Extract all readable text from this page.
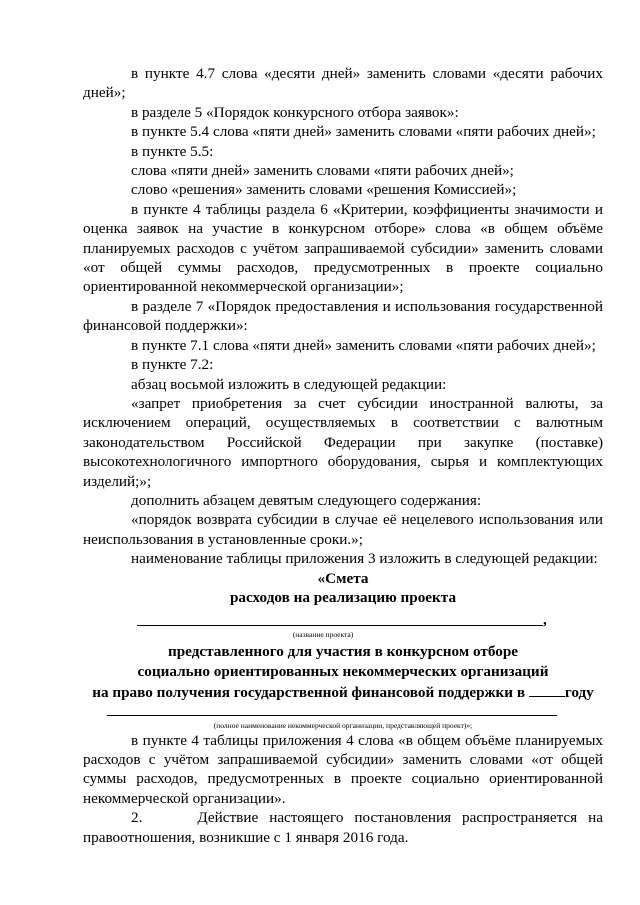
в пункте 4.7 слова «десяти дней» заменить словами «десяти рабочих дней»;

в разделе 5 «Порядок конкурсного отбора заявок»:

в пункте 5.4 слова «пяти дней» заменить словами «пяти рабочих дней»;

в пункте 5.5:

слова «пяти дней» заменить словами «пяти рабочих дней»;

слово «решения» заменить словами «решения Комиссией»;

в пункте 4 таблицы раздела 6 «Критерии, коэффициенты значимости и оценка заявок на участие в конкурсном отборе» слова «в общем объёме планируемых расходов с учётом запрашиваемой субсидии» заменить словами «от общей суммы расходов, предусмотренных в проекте социально ориентированной некоммерческой организации»;

в разделе 7 «Порядок предоставления и использования государственной финансовой поддержки»:

в пункте 7.1 слова «пяти дней» заменить словами «пяти рабочих дней»;

в пункте 7.2:

абзац восьмой изложить в следующей редакции:

«запрет приобретения за счет субсидии иностранной валюты, за исключением операций, осуществляемых в соответствии с валютным законодательством Российской Федерации при закупке (поставке) высокотехнологичного импортного оборудования, сырья и комплектующих изделий;»;

дополнить абзацем девятым следующего содержания:

«порядок возврата субсидии в случае её нецелевого использования или неиспользования в установленные сроки.»;

наименование таблицы приложения 3 изложить в следующей редакции:

«Смета

расходов на реализацию проекта

,

(название проекта)

представленного для участия в конкурсном отборе

социально ориентированных некоммерческих организаций

на право получения государственной финансовой поддержки в	году

(полное наименование некоммерческой организации, представляющей проект)»;

в пункте 4 таблицы приложения 4 слова «в общем объёме планируемых расходов с учётом запрашиваемой субсидии» заменить словами «от общей суммы расходов, предусмотренных в проекте социально ориентированной некоммерческой организации».

2.     Действие настоящего постановления распространяется на правоотношения, возникшие с 1 января 2016 года.
